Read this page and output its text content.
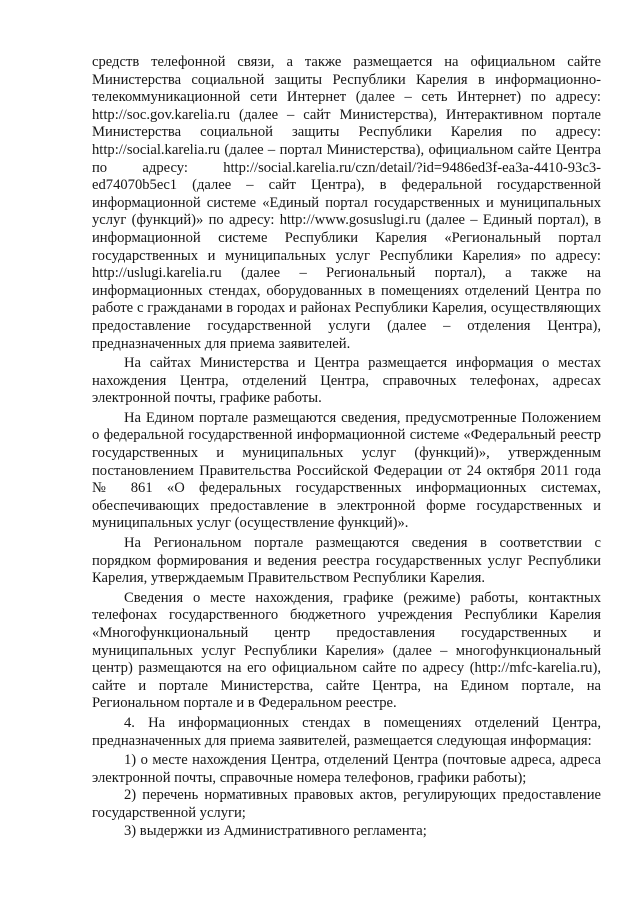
средств телефонной связи, а также размещается на официальном сайте Министерства социальной защиты Республики Карелия в информационно-телекоммуникационной сети Интернет (далее – сеть Интернет) по адресу: http://soc.gov.karelia.ru (далее – сайт Министерства), Интерактивном портале Министерства социальной защиты Республики Карелия по адресу: http://social.karelia.ru (далее – портал Министерства), официальном сайте Центра по адресу: http://social.karelia.ru/czn/detail/?id=9486ed3f-ea3a-4410-93c3-ed74070b5ec1 (далее – сайт Центра), в федеральной государственной информационной системе «Единый портал государственных и муниципальных услуг (функций)» по адресу: http://www.gosuslugi.ru (далее – Единый портал), в информационной системе Республики Карелия «Региональный портал государственных и муниципальных услуг Республики Карелия» по адресу: http://uslugi.karelia.ru (далее – Региональный портал), а также на информационных стендах, оборудованных в помещениях отделений Центра по работе с гражданами в городах и районах Республики Карелия, осуществляющих предоставление государственной услуги (далее – отделения Центра), предназначенных для приема заявителей.

На сайтах Министерства и Центра размещается информация о местах нахождения Центра, отделений Центра, справочных телефонах, адресах электронной почты, графике работы.

На Едином портале размещаются сведения, предусмотренные Положением о федеральной государственной информационной системе «Федеральный реестр государственных и муниципальных услуг (функций)», утвержденным постановлением Правительства Российской Федерации от 24 октября 2011 года № 861 «О федеральных государственных информационных системах, обеспечивающих предоставление в электронной форме государственных и муниципальных услуг (осуществление функций)».

На Региональном портале размещаются сведения в соответствии с порядком формирования и ведения реестра государственных услуг Республики Карелия, утверждаемым Правительством Республики Карелия.

Сведения о месте нахождения, графике (режиме) работы, контактных телефонах государственного бюджетного учреждения Республики Карелия «Многофункциональный центр предоставления государственных и муниципальных услуг Республики Карелия» (далее – многофункциональный центр) размещаются на его официальном сайте по адресу (http://mfc-karelia.ru), сайте и портале Министерства, сайте Центра, на Едином портале, на Региональном портале и в Федеральном реестре.

4. На информационных стендах в помещениях отделений Центра, предназначенных для приема заявителей, размещается следующая информация:

1) о месте нахождения Центра, отделений Центра (почтовые адреса, адреса электронной почты, справочные номера телефонов, графики работы);
2) перечень нормативных правовых актов, регулирующих предоставление государственной услуги;
3) выдержки из Административного регламента;
